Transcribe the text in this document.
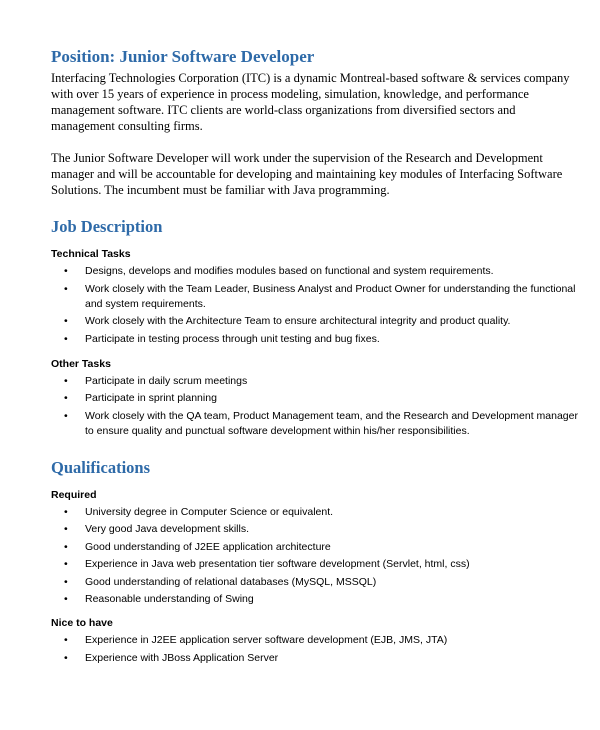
Position: Junior Software Developer

Interfacing Technologies Corporation (ITC) is a dynamic Montreal-based software & services company with over 15 years of experience in process modeling, simulation, knowledge, and performance management software. ITC clients are world-class organizations from diversified sectors and management consulting firms.

The Junior Software Developer will work under the supervision of the Research and Development manager and will be accountable for developing and maintaining key modules of Interfacing Software Solutions. The incumbent must be familiar with Java programming.

Job Description

Technical Tasks

• Designs, develops and modifies modules based on functional and system requirements.
• Work closely with the Team Leader, Business Analyst and Product Owner for understanding the functional and system requirements.
• Work closely with the Architecture Team to ensure architectural integrity and product quality.
• Participate in testing process through unit testing and bug fixes.

Other Tasks

• Participate in daily scrum meetings
• Participate in sprint planning
• Work closely with the QA team, Product Management team, and the Research and Development manager to ensure quality and punctual software development within his/her responsibilities.
Qualifications

Required

• University degree in Computer Science or equivalent.
• Very good Java development skills.
• Good understanding of J2EE application architecture
• Experience in Java web presentation tier software development (Servlet, html, css)
• Good understanding of relational databases (MySQL, MSSQL)
• Reasonable understanding of Swing

Nice to have

• Experience in J2EE application server software development (EJB, JMS, JTA)
• Experience with JBoss Application Server
